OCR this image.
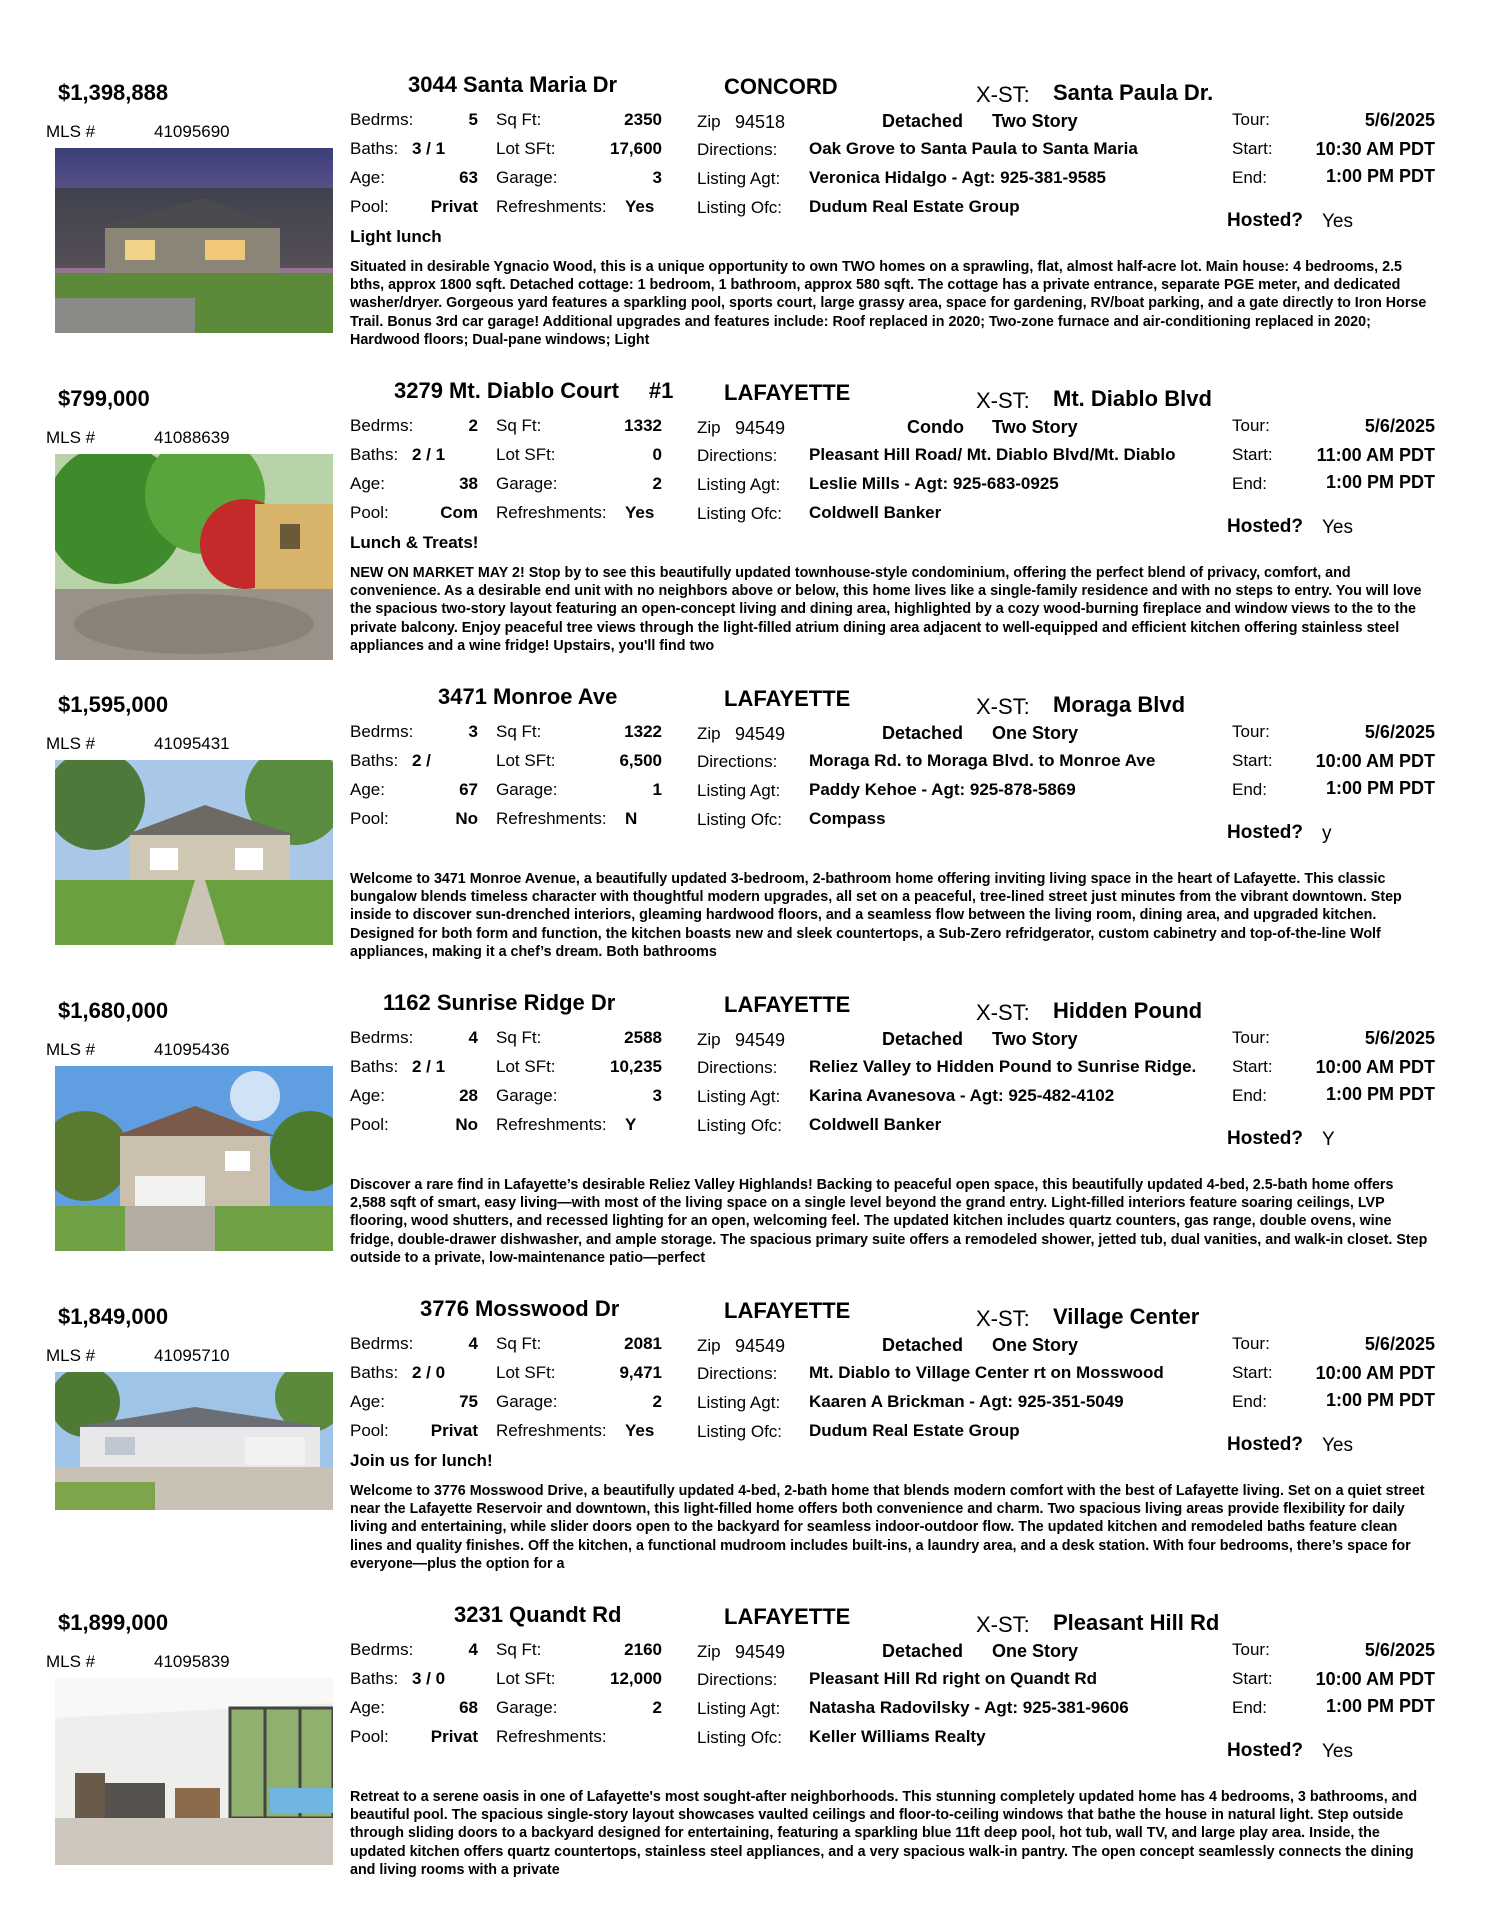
$1,398,888	3044 Santa Maria Dr	CONCORD	X-ST: Santa Paula Dr.
MLS #	41095690
Bedrms:	5
Baths: 3 / 1
Age:	63
Pool:	Privat
Sq Ft:	2350
Lot SFt:	17,600
Garage:	3
Refreshments: Yes
Zip 94518	Detached Two Story
Directions: Oak Grove to Santa Paula to Santa Maria
Listing Agt: Veronica Hidalgo - Agt: 925-381-9585
Listing Ofc: Dudum Real Estate Group
Tour:	5/6/2025
Start:	10:30 AM PDT
End:	1:00 PM PDT
Hosted? Yes
Light lunch
Situated in desirable Ygnacio Wood, this is a unique opportunity to own TWO homes on a sprawling, flat, almost half-acre lot. Main house: 4 bedrooms, 2.5 bths, approx 1800 sqft. Detached cottage: 1 bedroom, 1 bathroom, approx 580 sqft. The cottage has a private entrance, separate PGE meter, and dedicated washer/dryer. Gorgeous yard features a sparkling pool, sports court, large grassy area, space for gardening, RV/boat parking, and a gate directly to Iron Horse Trail. Bonus 3rd car garage! Additional upgrades and features include: Roof replaced in 2020; Two-zone furnace and air-conditioning replaced in 2020; Hardwood floors; Dual-pane windows; Light
$799,000	3279 Mt. Diablo Court #1 LAFAYETTE	X-ST: Mt. Diablo Blvd
MLS #	41088639
Bedrms:	2
Baths: 2 / 1
Age:	38
Pool:	Com
Sq Ft:	1332
Lot SFt:	0
Garage:	2
Refreshments: Yes
Zip 94549	Condo Two Story
Directions: Pleasant Hill Road/ Mt. Diablo Blvd/Mt. Diablo
Listing Agt: Leslie Mills - Agt: 925-683-0925
Listing Ofc: Coldwell Banker
Tour:	5/6/2025
Start:	11:00 AM PDT
End:	1:00 PM PDT
Hosted? Yes
Lunch & Treats!
NEW ON MARKET MAY 2! Stop by to see this beautifully updated townhouse-style condominium, offering the perfect blend of privacy, comfort, and convenience. As a desirable end unit with no neighbors above or below, this home lives like a single-family residence and with no steps to entry. You will love the spacious two-story layout featuring an open-concept living and dining area, highlighted by a cozy wood-burning fireplace and window views to the to the private balcony. Enjoy peaceful tree views through the light-filled atrium dining area adjacent to well-equipped and efficient kitchen offering stainless steel appliances and a wine fridge! Upstairs, you'll find two
$1,595,000	3471 Monroe Ave	LAFAYETTE	X-ST: Moraga Blvd
MLS #	41095431
Bedrms:	3
Baths: 2 /
Age:	67
Pool:	No
Sq Ft:	1322
Lot SFt:	6,500
Garage:	1
Refreshments: N
Zip 94549	Detached One Story
Directions: Moraga Rd. to Moraga Blvd. to Monroe Ave
Listing Agt: Paddy Kehoe - Agt: 925-878-5869
Listing Ofc: Compass
Tour:	5/6/2025
Start:	10:00 AM PDT
End:	1:00 PM PDT
Hosted? y
Welcome to 3471 Monroe Avenue, a beautifully updated 3-bedroom, 2-bathroom home offering inviting living space in the heart of Lafayette. This classic bungalow blends timeless character with thoughtful modern upgrades, all set on a peaceful, tree-lined street just minutes from the vibrant downtown. Step inside to discover sun-drenched interiors, gleaming hardwood floors, and a seamless flow between the living room, dining area, and upgraded kitchen. Designed for both form and function, the kitchen boasts new and sleek countertops, a Sub-Zero refridgerator, custom cabinetry and top-of-the-line Wolf appliances, making it a chef’s dream. Both bathrooms
$1,680,000	1162 Sunrise Ridge Dr	LAFAYETTE	X-ST: Hidden Pound
MLS #	41095436
Bedrms:	4
Baths: 2 / 1
Age:	28
Pool:	No
Sq Ft:	2588
Lot SFt:	10,235
Garage:	3
Refreshments: Y
Zip 94549	Detached Two Story
Directions: Reliez Valley to Hidden Pound to Sunrise Ridge.
Listing Agt: Karina Avanesova - Agt: 925-482-4102
Listing Ofc: Coldwell Banker
Tour:	5/6/2025
Start:	10:00 AM PDT
End:	1:00 PM PDT
Hosted? Y
Discover a rare find in Lafayette’s desirable Reliez Valley Highlands! Backing to peaceful open space, this beautifully updated 4-bed, 2.5-bath home offers 2,588 sqft of smart, easy living—with most of the living space on a single level beyond the grand entry. Light-filled interiors feature soaring ceilings, LVP flooring, wood shutters, and recessed lighting for an open, welcoming feel. The updated kitchen includes quartz counters, gas range, double ovens, wine fridge, double-drawer dishwasher, and ample storage. The spacious primary suite offers a remodeled shower, jetted tub, dual vanities, and walk-in closet. Step outside to a private, low-maintenance patio—perfect
$1,849,000	3776 Mosswood Dr	LAFAYETTE	X-ST: Village Center
MLS #	41095710
Bedrms:	4
Baths: 2 / 0
Age:	75
Pool:	Privat
Sq Ft:	2081
Lot SFt:	9,471
Garage:	2
Refreshments: Yes
Zip 94549	Detached One Story
Directions: Mt. Diablo to Village Center rt on Mosswood
Listing Agt: Kaaren A Brickman - Agt: 925-351-5049
Listing Ofc: Dudum Real Estate Group
Tour:	5/6/2025
Start:	10:00 AM PDT
End:	1:00 PM PDT
Hosted? Yes
Join us for lunch!
Welcome to 3776 Mosswood Drive, a beautifully updated 4-bed, 2-bath home that blends modern comfort with the best of Lafayette living. Set on a quiet street near the Lafayette Reservoir and downtown, this light-filled home offers both convenience and charm. Two spacious living areas provide flexibility for daily living and entertaining, while slider doors open to the backyard for seamless indoor-outdoor flow. The updated kitchen and remodeled baths feature clean lines and quality finishes. Off the kitchen, a functional mudroom includes built-ins, a laundry area, and a desk station. With four bedrooms, there’s space for everyone—plus the option for a
$1,899,000	3231 Quandt Rd	LAFAYETTE	X-ST: Pleasant Hill Rd
MLS #	41095839
Bedrms:	4
Baths: 3 / 0
Age:	68
Pool:	Privat
Sq Ft:	2160
Lot SFt:	12,000
Garage:	2
Refreshments:
Zip 94549	Detached One Story
Directions: Pleasant Hill Rd right on Quandt Rd
Listing Agt: Natasha Radovilsky - Agt: 925-381-9606
Listing Ofc: Keller Williams Realty
Tour:	5/6/2025
Start:	10:00 AM PDT
End:	1:00 PM PDT
Hosted? Yes
Retreat to a serene oasis in one of Lafayette's most sought-after neighborhoods. This stunning completely updated home has 4 bedrooms, 3 bathrooms, and beautiful pool. The spacious single-story layout showcases vaulted ceilings and floor-to-ceiling windows that bathe the house in natural light. Step outside through sliding doors to a backyard designed for entertaining, featuring a sparkling blue 11ft deep pool, hot tub, wall TV, and large play area. Inside, the updated kitchen offers quartz countertops, stainless steel appliances, and a very spacious walk-in pantry. The open concept seamlessly connects the dining and living rooms with a private
